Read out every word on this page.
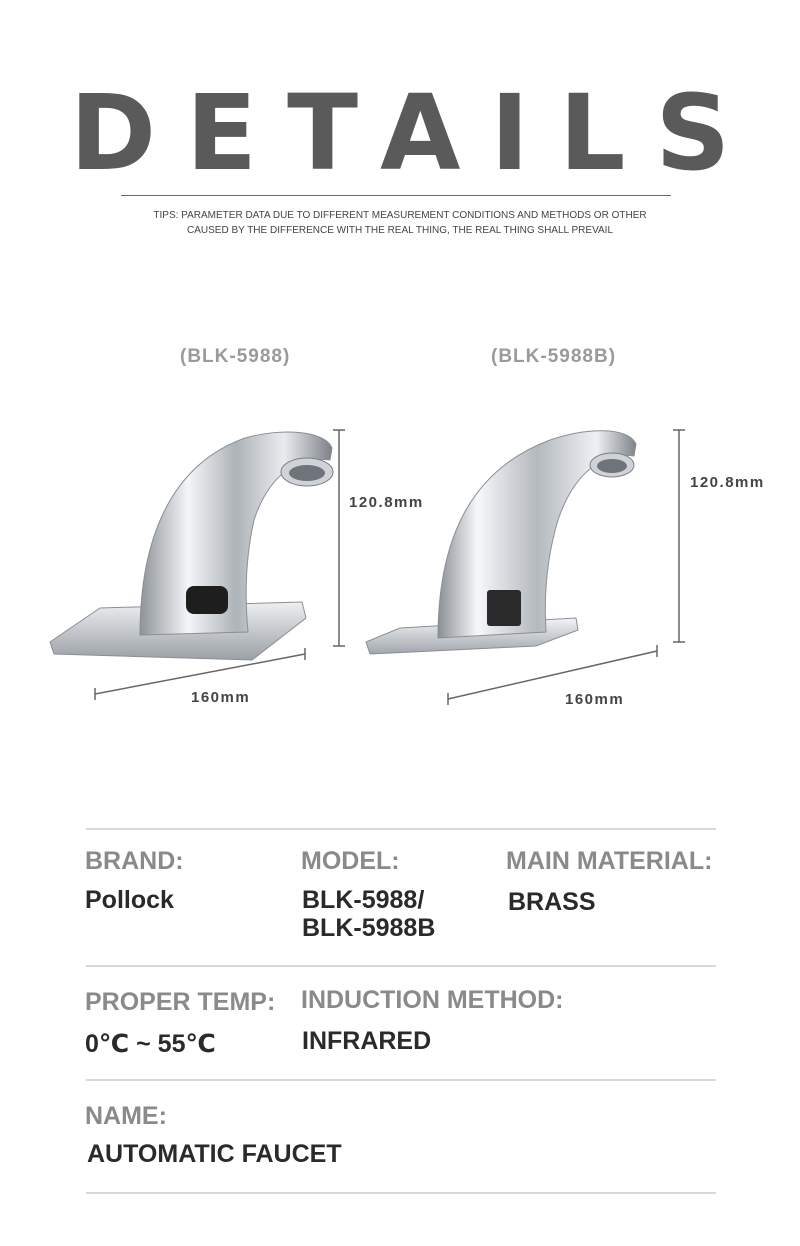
DETAILS
TIPS: PARAMETER DATA DUE TO DIFFERENT MEASUREMENT CONDITIONS AND METHODS OR OTHER
CAUSED BY THE DIFFERENCE WITH THE REAL THING, THE REAL THING SHALL PREVAIL
(BLK-5988)	(BLK-5988B)
120.8mm
160mm
120.8mm
160mm
BRAND:
Pollock
MODEL:
BLK-5988/
BLK-5988B
MAIN MATERIAL:
BRASS
PROPER TEMP:
0℃ ~ 55℃
INDUCTION METHOD:
INFRARED
NAME:
AUTOMATIC FAUCET
